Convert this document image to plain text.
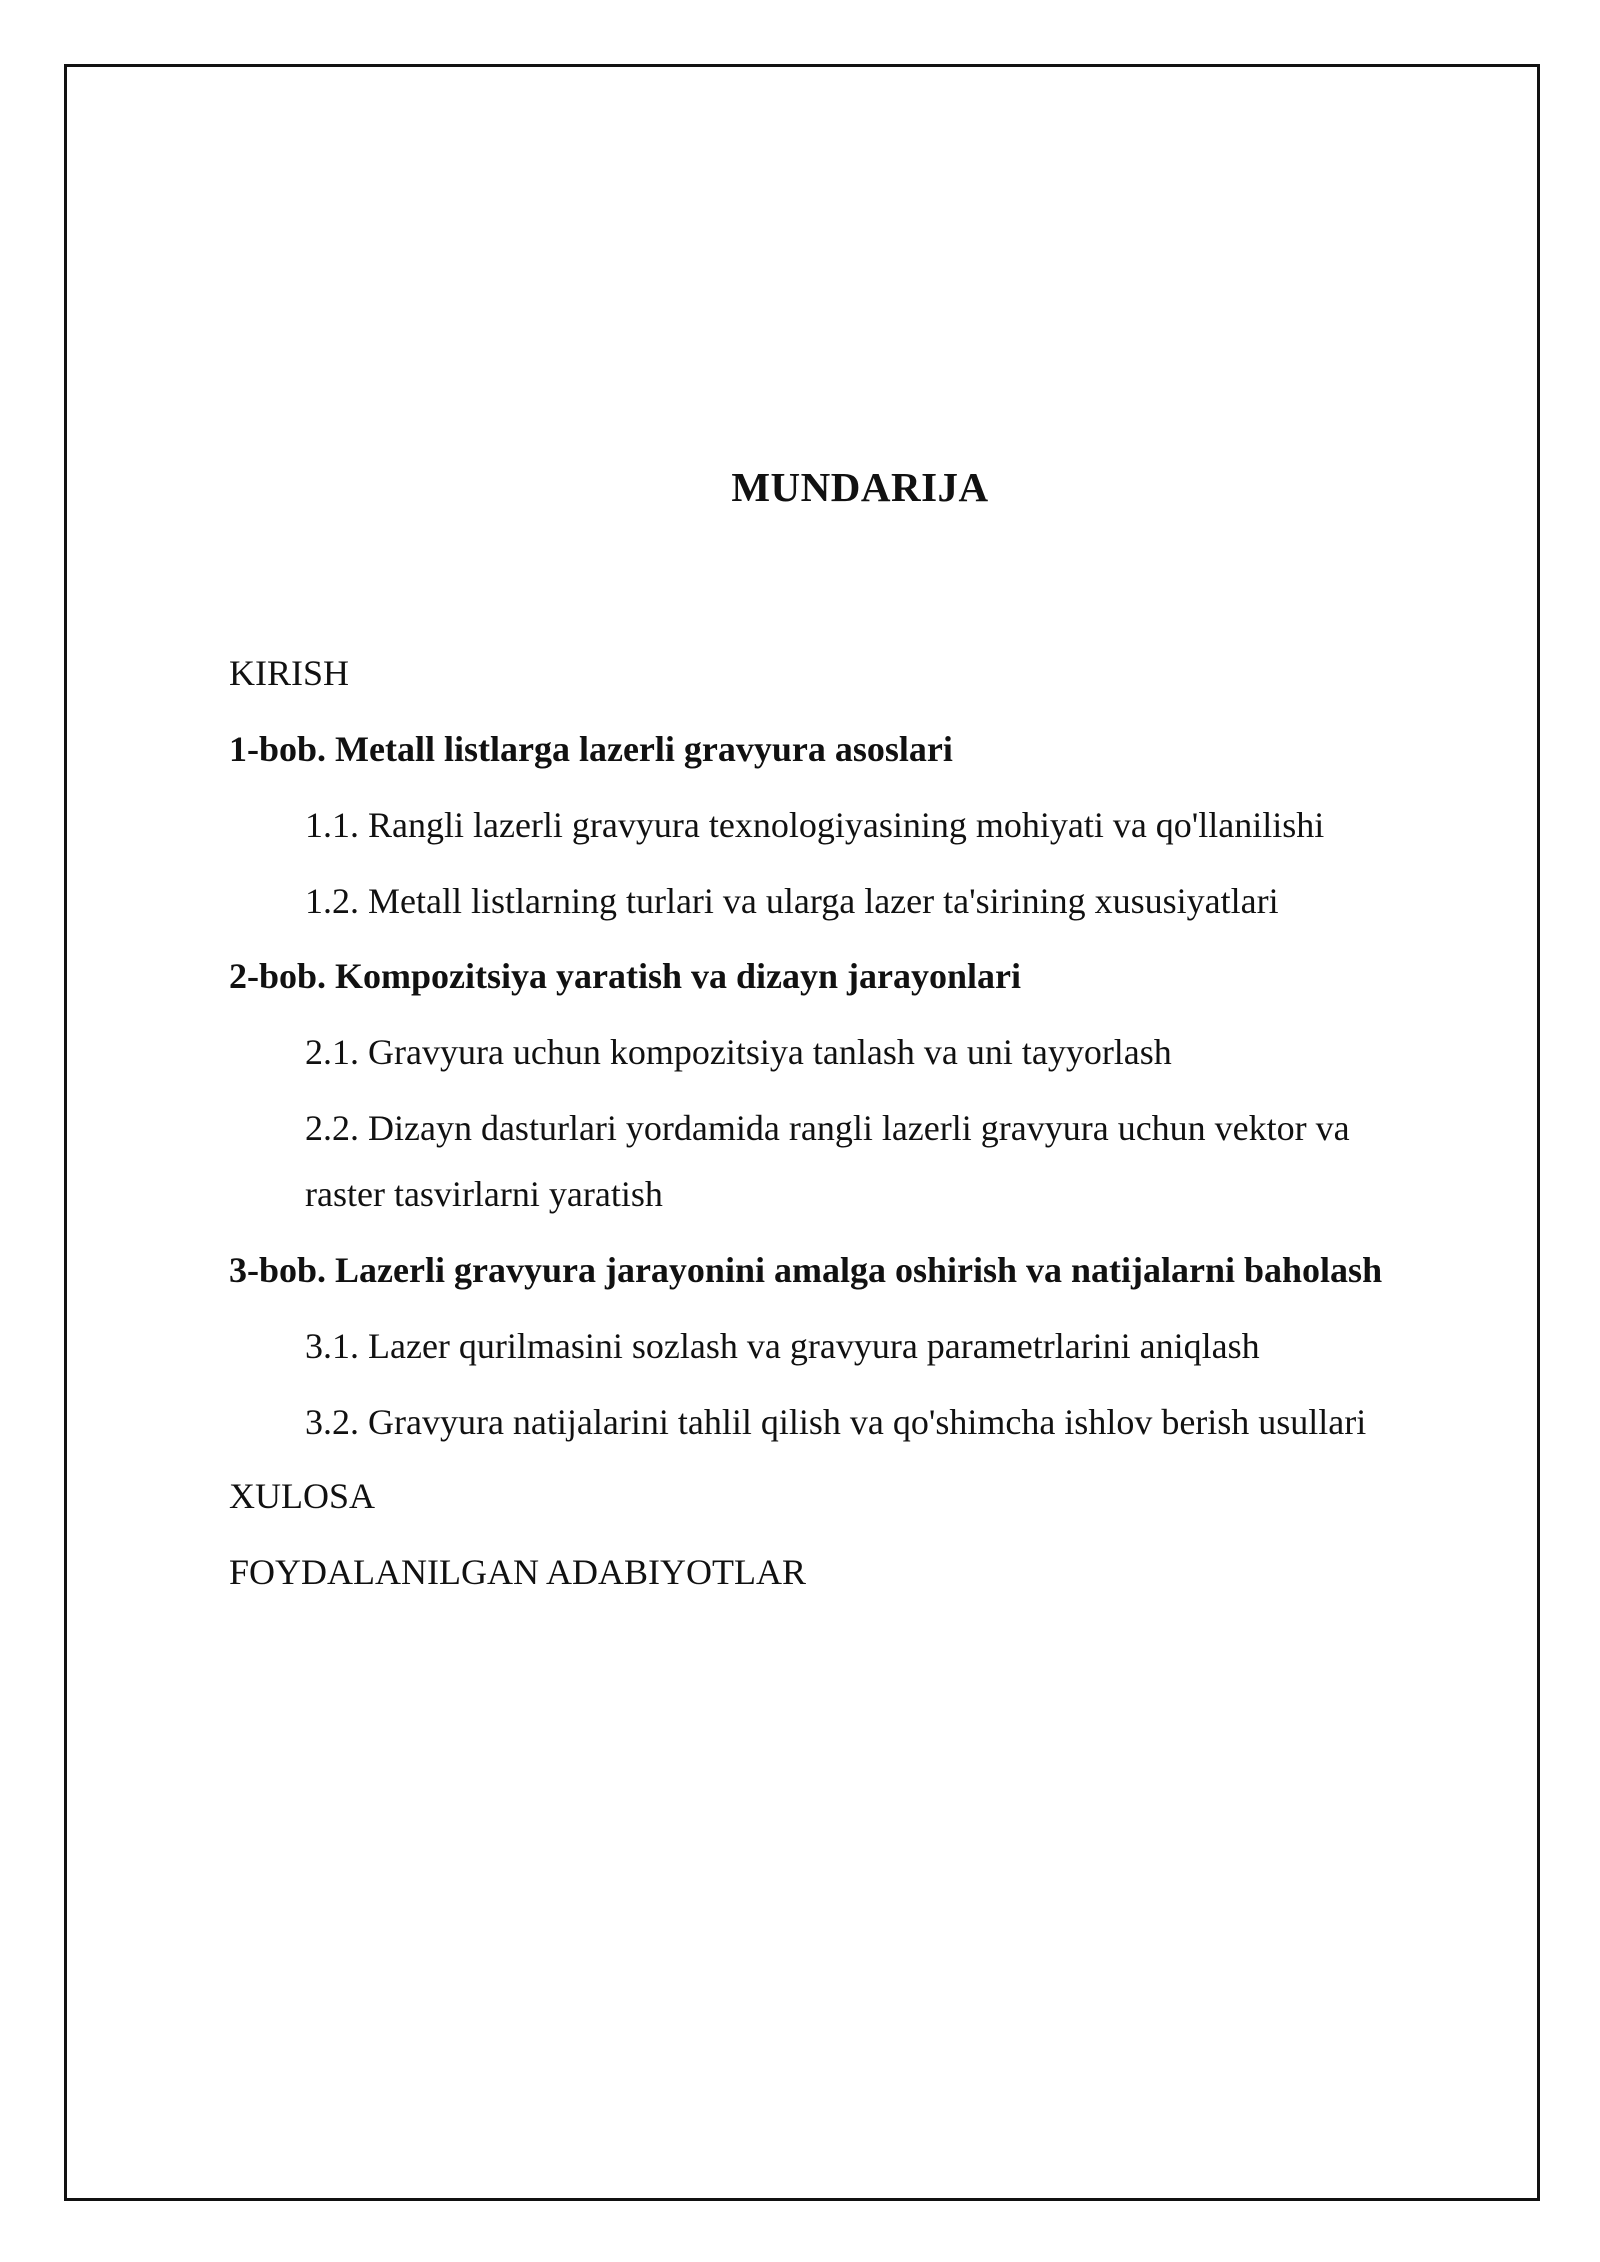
MUNDARIJA
KIRISH
1-bob. Metall listlarga lazerli gravyura asoslari
1.1. Rangli lazerli gravyura texnologiyasining mohiyati va qo'llanilishi
1.2. Metall listlarning turlari va ularga lazer ta'sirining xususiyatlari
2-bob. Kompozitsiya yaratish va dizayn jarayonlari
2.1. Gravyura uchun kompozitsiya tanlash va uni tayyorlash
2.2. Dizayn dasturlari yordamida rangli lazerli gravyura uchun vektor va raster tasvirlarni yaratish
3-bob. Lazerli gravyura jarayonini amalga oshirish va natijalarni baholash
3.1. Lazer qurilmasini sozlash va gravyura parametrlarini aniqlash
3.2. Gravyura natijalarini tahlil qilish va qo'shimcha ishlov berish usullari
XULOSA
FOYDALANILGAN ADABIYOTLAR
